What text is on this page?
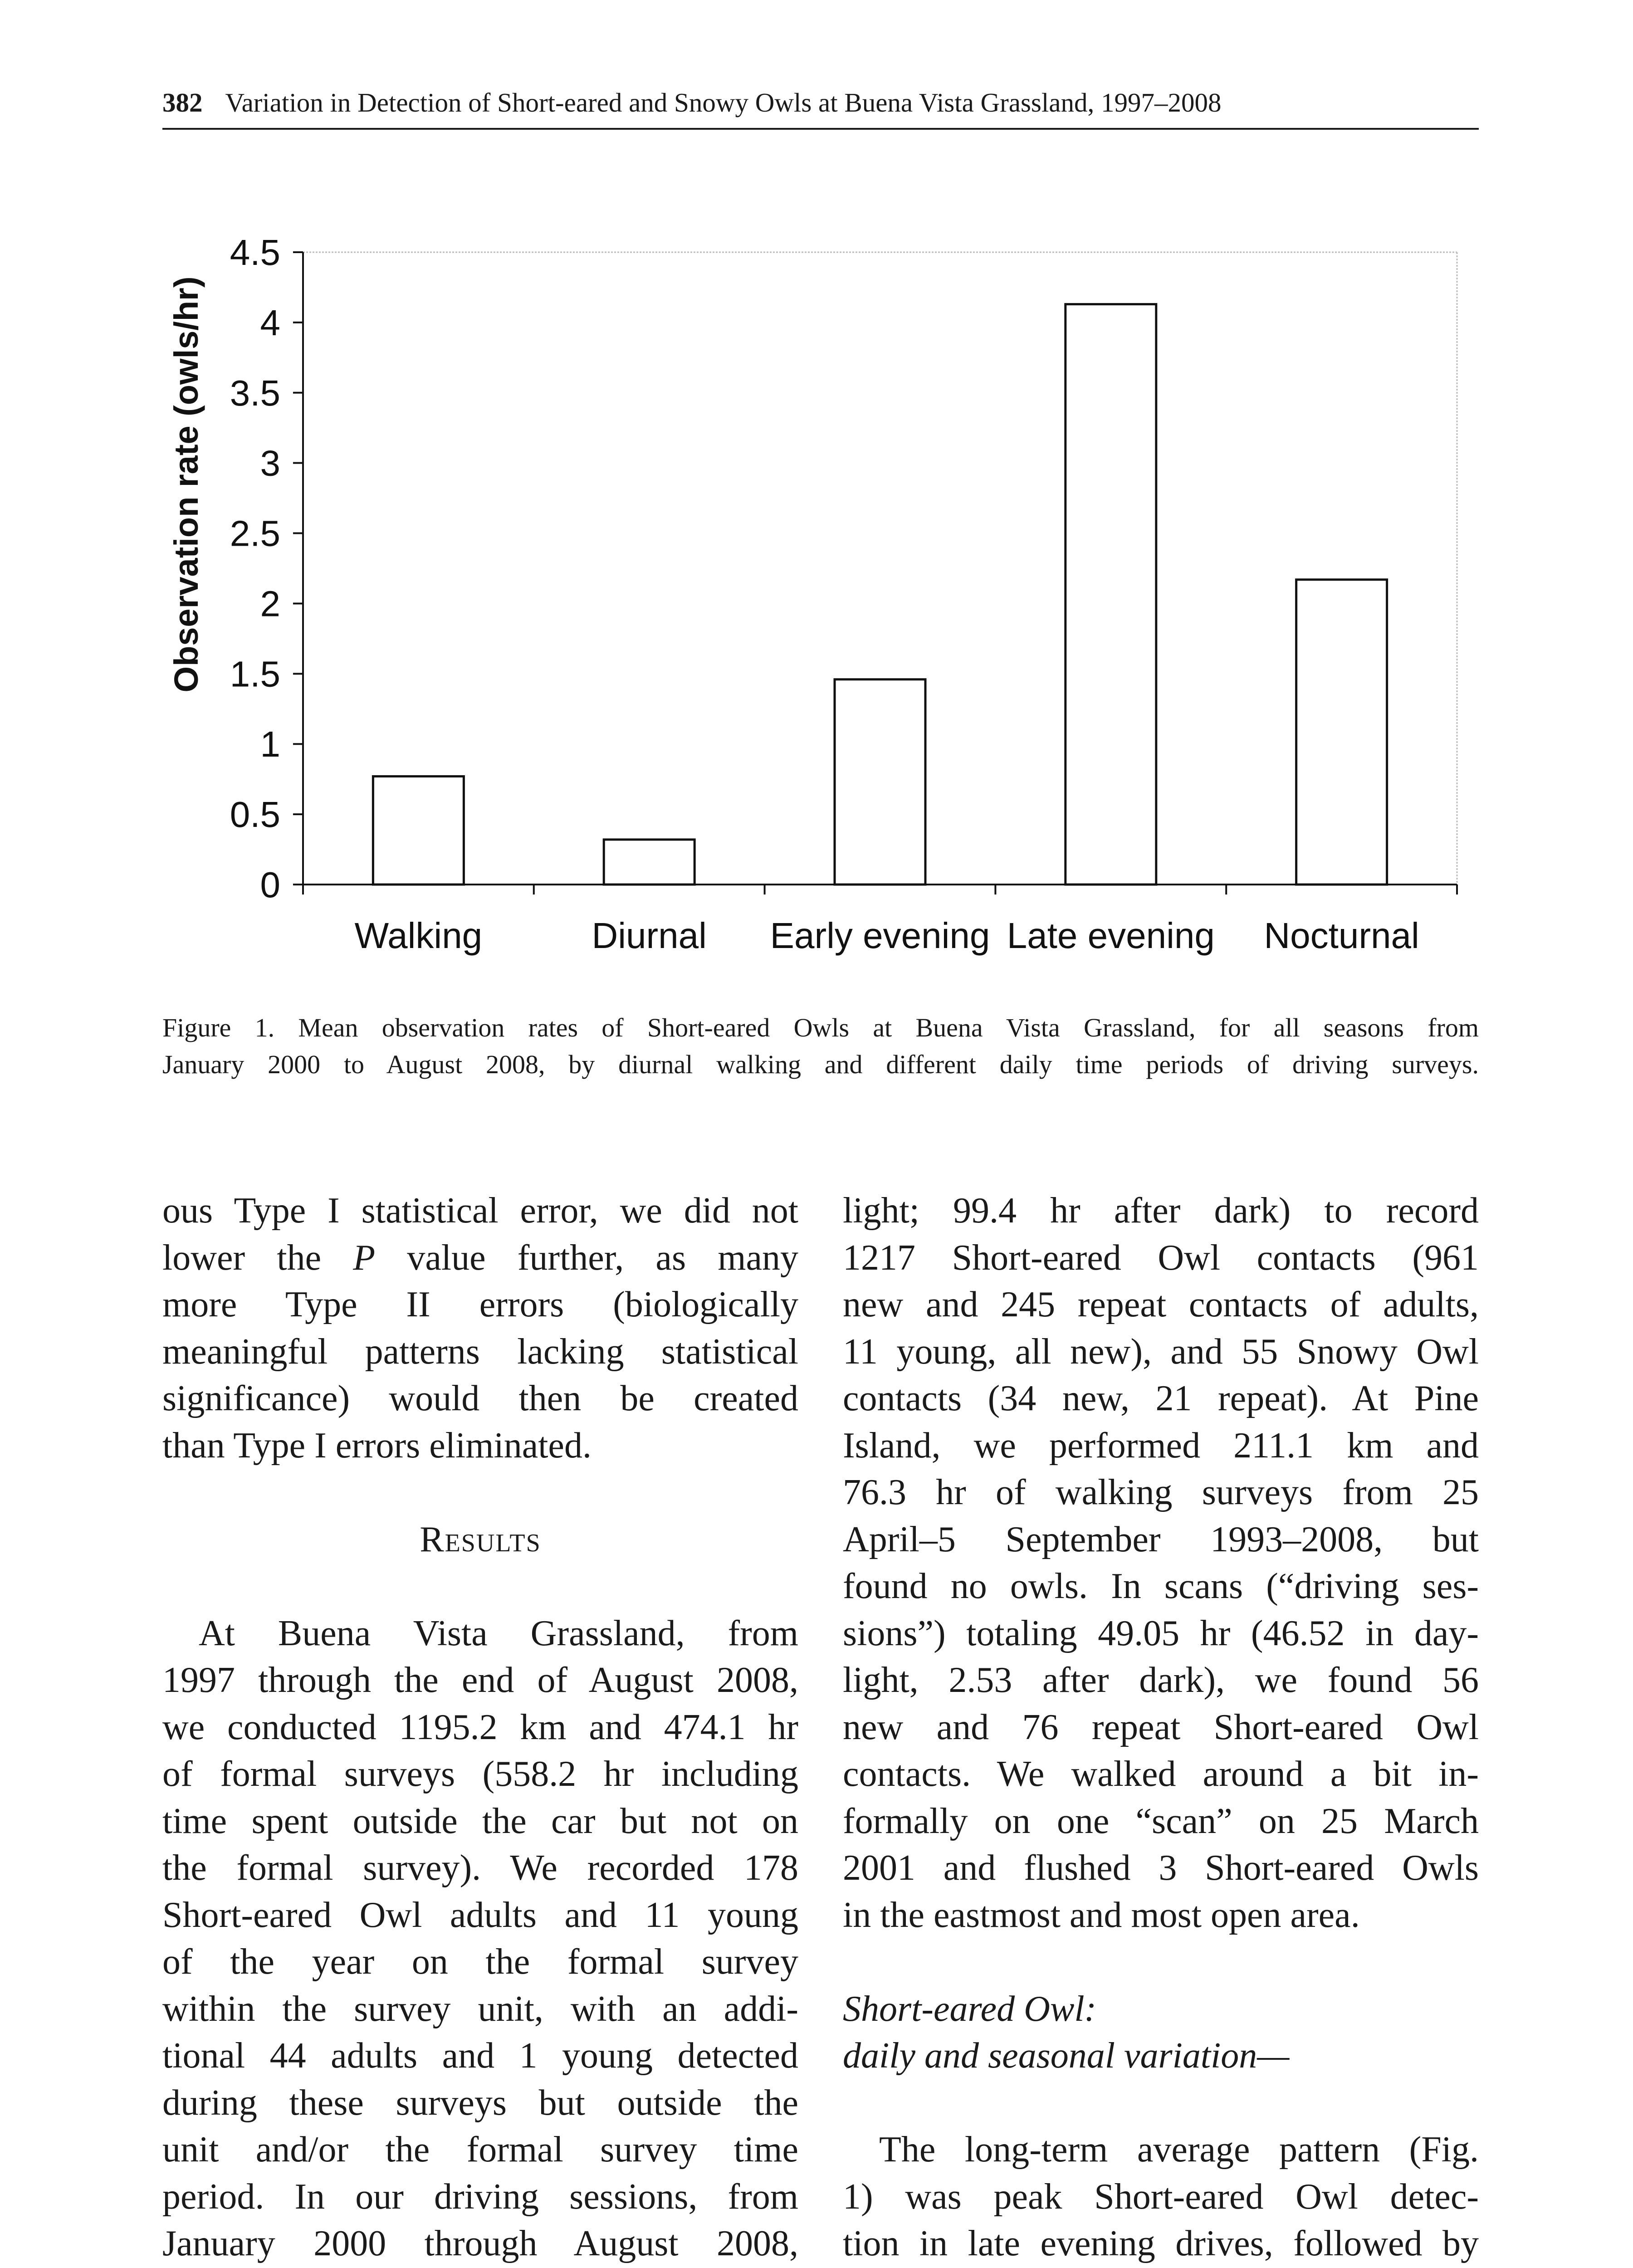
382 Variation in Detection of Short-eared and Snowy Owls at Buena Vista Grassland, 1997–2008
0
0.5
1
1.5
2
2.5
3
3.5
4
4.5
Walking	Diurnal Early evening Late evening Nocturnal
Observation rate (owls/hr)
Figure 1. Mean observation rates of Short-eared Owls at Buena Vista Grassland, for all seasons from
January 2000 to August 2008, by diurnal walking and different daily time periods of driving surveys.
ous Type I statistical error, we did not
lower the P value further, as many
more Type II errors (biologically
meaningful patterns lacking statistical
significance) would then be created
than Type I errors eliminated.
Results
At Buena Vista Grassland, from
1997 through the end of August 2008,
we conducted 1195.2 km and 474.1 hr
of formal surveys (558.2 hr including
time spent outside the car but not on
the formal survey). We recorded 178
Short-eared Owl adults and 11 young
of the year on the formal survey
within the survey unit, with an addi-
tional 44 adults and 1 young detected
during these surveys but outside the
unit and/or the formal survey time
period. In our driving sessions, from
January 2000 through August 2008,
light; 99.4 hr after dark) to record
1217 Short-eared Owl contacts (961
new and 245 repeat contacts of adults,
11 young, all new), and 55 Snowy Owl
contacts (34 new, 21 repeat). At Pine
Island, we performed 211.1 km and
76.3 hr of walking surveys from 25
April–5 September 1993–2008, but
found no owls. In scans (“driving ses-
sions”) totaling 49.05 hr (46.52 in day-
light, 2.53 after dark), we found 56
new and 76 repeat Short-eared Owl
contacts. We walked around a bit in-
formally on one “scan” on 25 March
2001 and flushed 3 Short-eared Owls
in the eastmost and most open area.
Short-eared Owl:
daily and seasonal variation—
The long-term average pattern (Fig.
1) was peak Short-eared Owl detec-
tion in late evening drives, followed by
